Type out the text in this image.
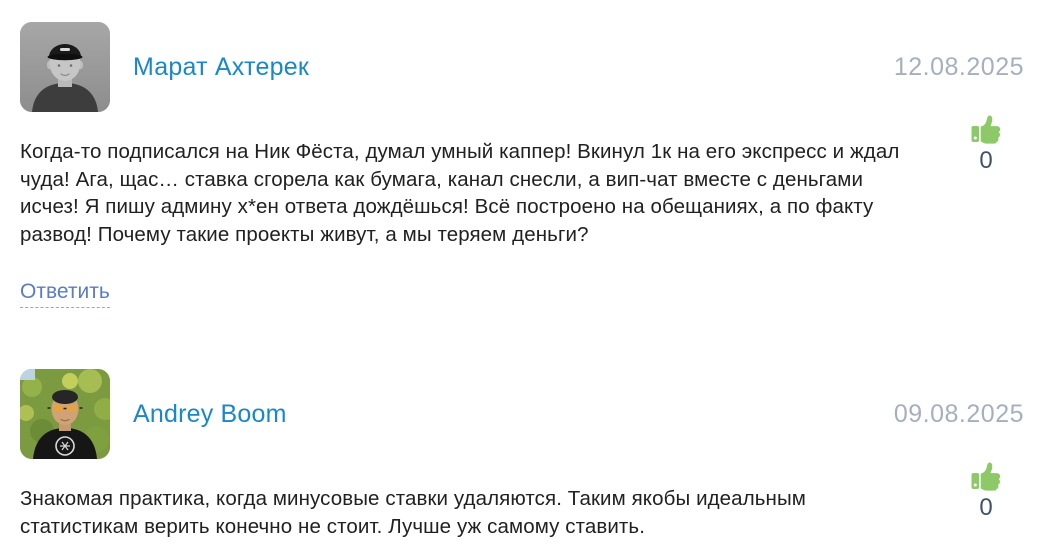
Марат Ахтерек	12.08.2025
0

Когда-то подписался на Ник Фёста, думал умный каппер! Вкинул 1к на его экспресс и ждал чуда! Ага, щас… ставка сгорела как бумага, канал снесли, а вип-чат вместе с деньгами исчез! Я пишу админу х*ен ответа дождёшься! Всё построено на обещаниях, а по факту развод! Почему такие проекты живут, а мы теряем деньги?

Ответить
Andrey Boom	09.08.2025
0

Знакомая практика, когда минусовые ставки удаляются. Таким якобы идеальным статистикам верить конечно не стоит. Лучше уж самому ставить.
